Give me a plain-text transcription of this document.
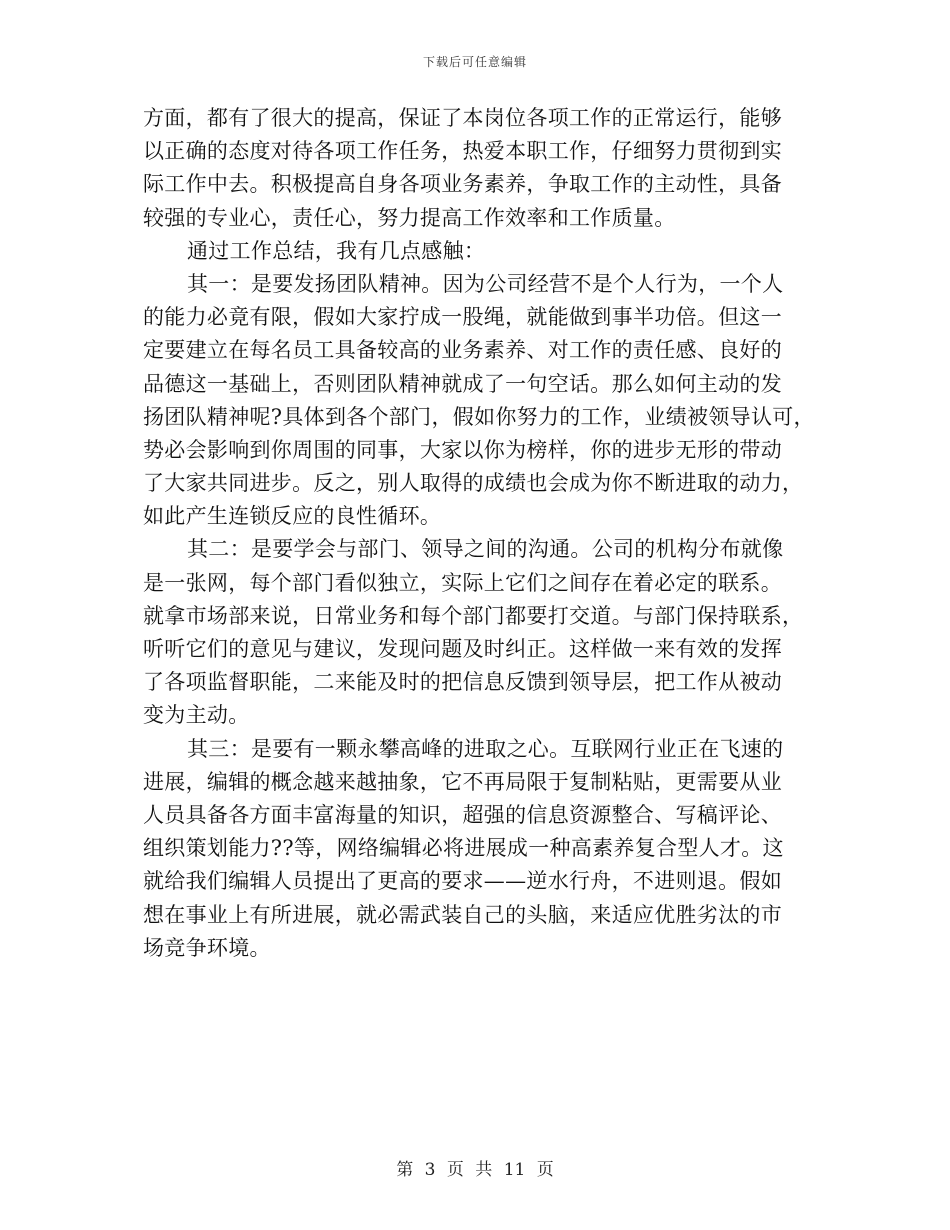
下载后可任意编辑
方面，都有了很大的提高，保证了本岗位各项工作的正常运行，能够
以正确的态度对待各项工作任务，热爱本职工作，仔细努力贯彻到实
际工作中去。积极提高自身各项业务素养，争取工作的主动性，具备
较强的专业心，责任心，努力提高工作效率和工作质量。
通过工作总结，我有几点感触：
其一：是要发扬团队精神。因为公司经营不是个人行为，一个人
的能力必竟有限，假如大家拧成一股绳，就能做到事半功倍。但这一
定要建立在每名员工具备较高的业务素养、对工作的责任感、良好的
品德这一基础上，否则团队精神就成了一句空话。那么如何主动的发
扬团队精神呢?具体到各个部门，假如你努力的工作，业绩被领导认可，
势必会影响到你周围的同事，大家以你为榜样，你的进步无形的带动
了大家共同进步。反之，别人取得的成绩也会成为你不断进取的动力，
如此产生连锁反应的良性循环。
其二：是要学会与部门、领导之间的沟通。公司的机构分布就像
是一张网，每个部门看似独立，实际上它们之间存在着必定的联系。
就拿市场部来说，日常业务和每个部门都要打交道。与部门保持联系，
听听它们的意见与建议，发现问题及时纠正。这样做一来有效的发挥
了各项监督职能，二来能及时的把信息反馈到领导层，把工作从被动
变为主动。
其三：是要有一颗永攀高峰的进取之心。互联网行业正在飞速的
进展，编辑的概念越来越抽象，它不再局限于复制粘贴，更需要从业
人员具备各方面丰富海量的知识，超强的信息资源整合、写稿评论、
组织策划能力??等，网络编辑必将进展成一种高素养复合型人才。这
就给我们编辑人员提出了更高的要求——逆水行舟，不进则退。假如
想在事业上有所进展，就必需武装自己的头脑，来适应优胜劣汰的市
场竞争环境。
第 3 页 共 11 页
